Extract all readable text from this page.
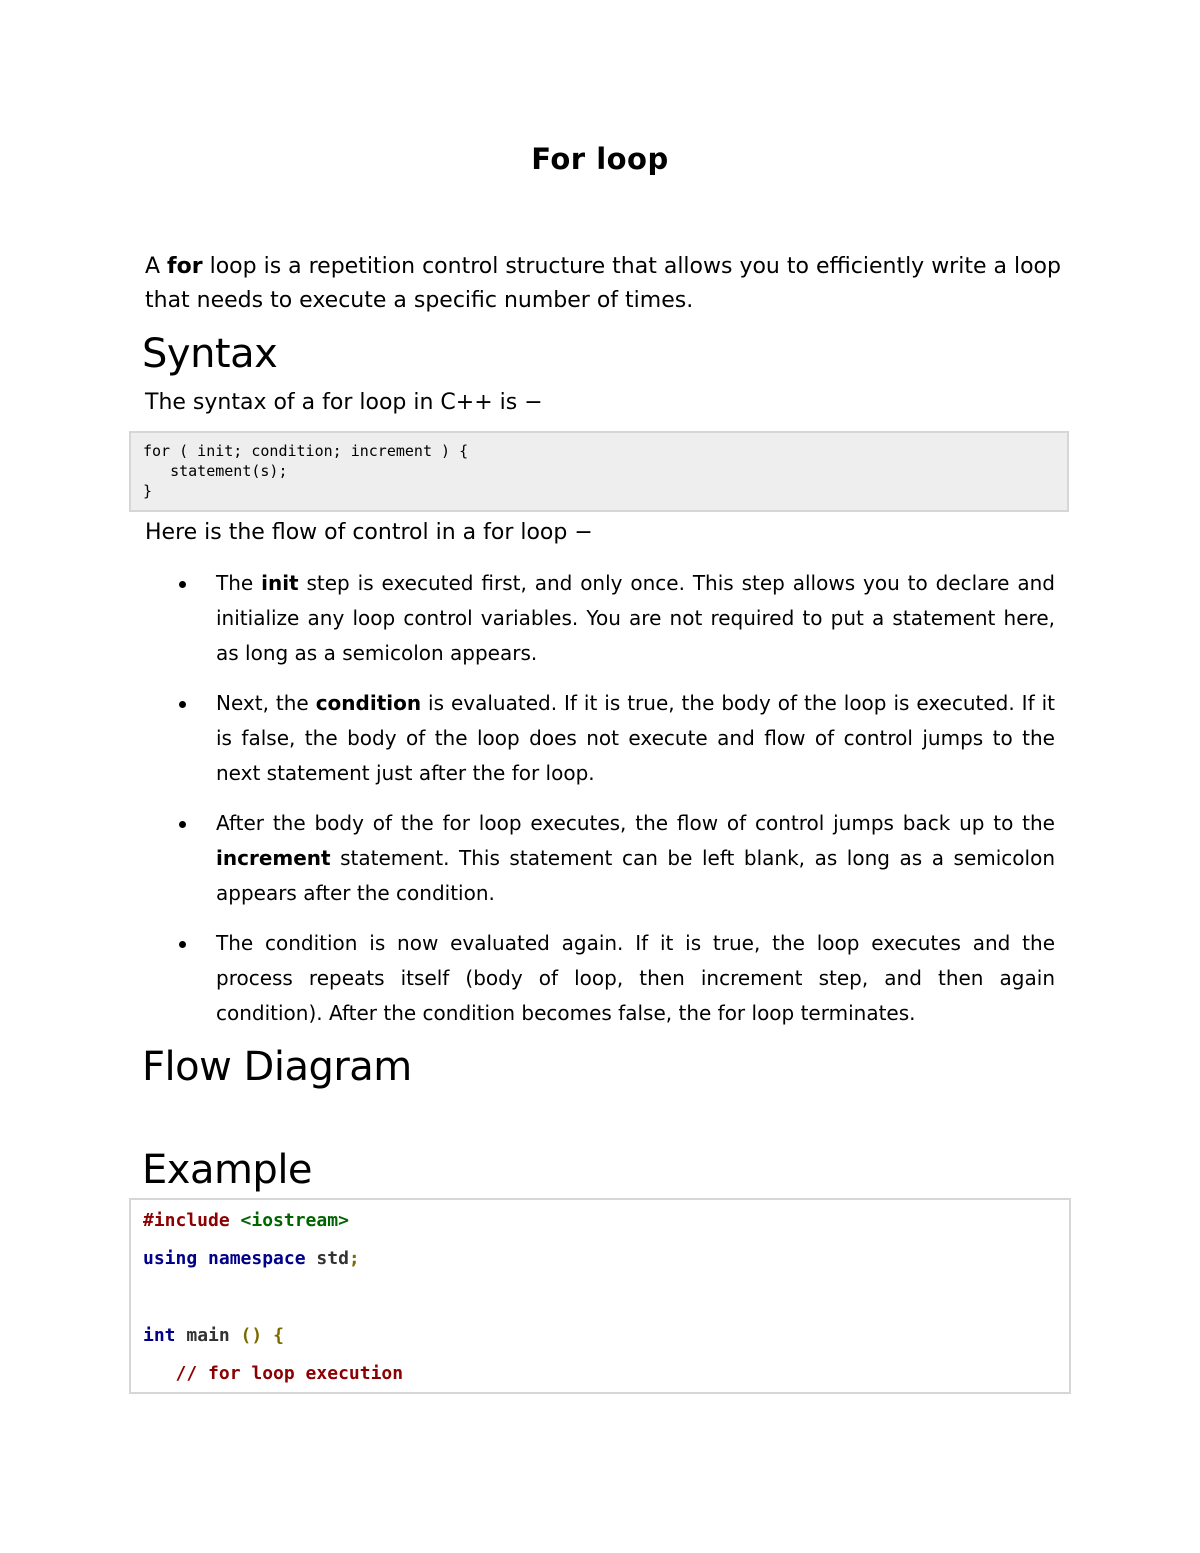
For loop

A for loop is a repetition control structure that allows you to efficiently write a loop that needs to execute a specific number of times.

Syntax

The syntax of a for loop in C++ is −

for ( init; condition; increment ) {
statement(s);
}

Here is the flow of control in a for loop −

The init step is executed first, and only once. This step allows you to declare and initialize any loop control variables. You are not required to put a statement here, as long as a semicolon appears.
Next, the condition is evaluated. If it is true, the body of the loop is executed. If it is false, the body of the loop does not execute and flow of control jumps to the next statement just after the for loop.
After the body of the for loop executes, the flow of control jumps back up to the increment statement. This statement can be left blank, as long as a semicolon appears after the condition.
The condition is now evaluated again. If it is true, the loop executes and the process repeats itself (body of loop, then increment step, and then again condition). After the condition becomes false, the for loop terminates.
Flow Diagram
Example
#include <iostream>
using namespace std;
int main () {
// for loop execution
